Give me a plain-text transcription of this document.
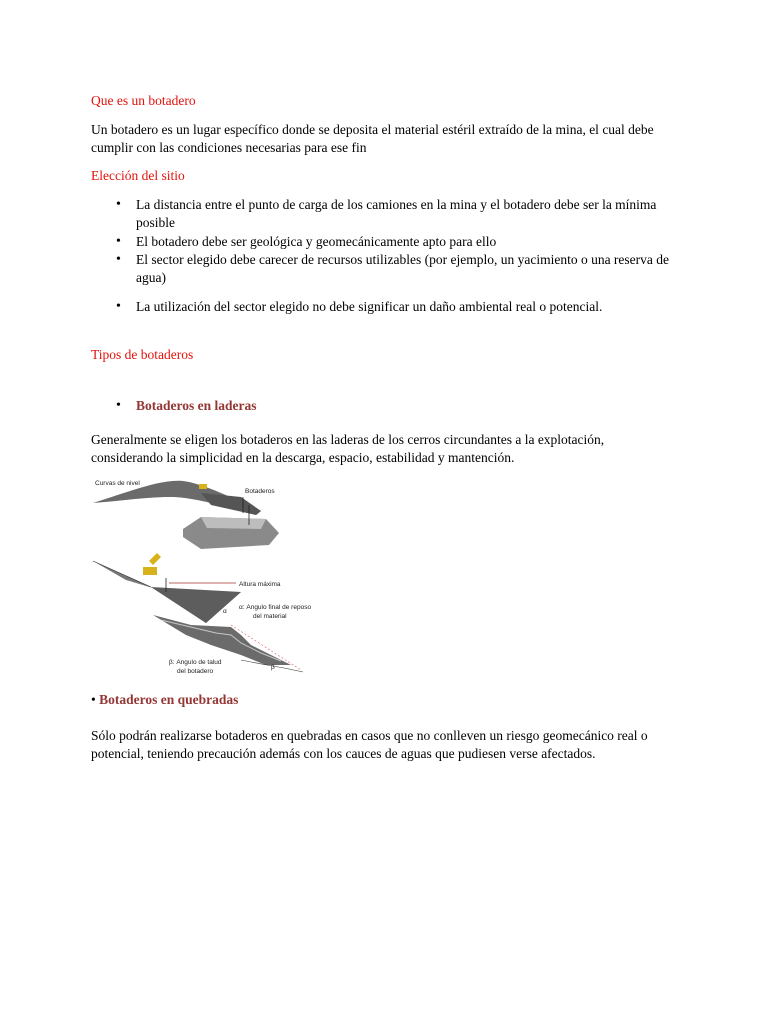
Que es un botadero

Un botadero es un lugar específico donde se deposita el material estéril extraído de la mina, el cual debe
cumplir con las condiciones necesarias para ese fin

Elección del sitio
•	La distancia entre el punto de carga de los camiones en la mina y el botadero debe ser la mínima
posible
•	El botadero debe ser geológica y geomecánicamente apto para ello
•	El sector elegido debe carecer de recursos utilizables (por ejemplo, un yacimiento o una reserva de
agua)
•	La utilización del sector elegido no debe significar un daño ambiental real o potencial.
Tipos de botaderos
•	Botaderos en laderas

Generalmente se eligen los botaderos en las laderas de los cerros circundantes a la explotación,
considerando la simplicidad en la descarga, espacio, estabilidad y mantención.

Curvas de nivel
Botaderos
Altura máxima
α
α: Angulo final de reposo
del material
β
β: Angulo de talud
del botadero
• Botaderos en quebradas

Sólo podrán realizarse botaderos en quebradas en casos que no conlleven un riesgo geomecánico real o
potencial, teniendo precaución además con los cauces de aguas que pudiesen verse afectados.
